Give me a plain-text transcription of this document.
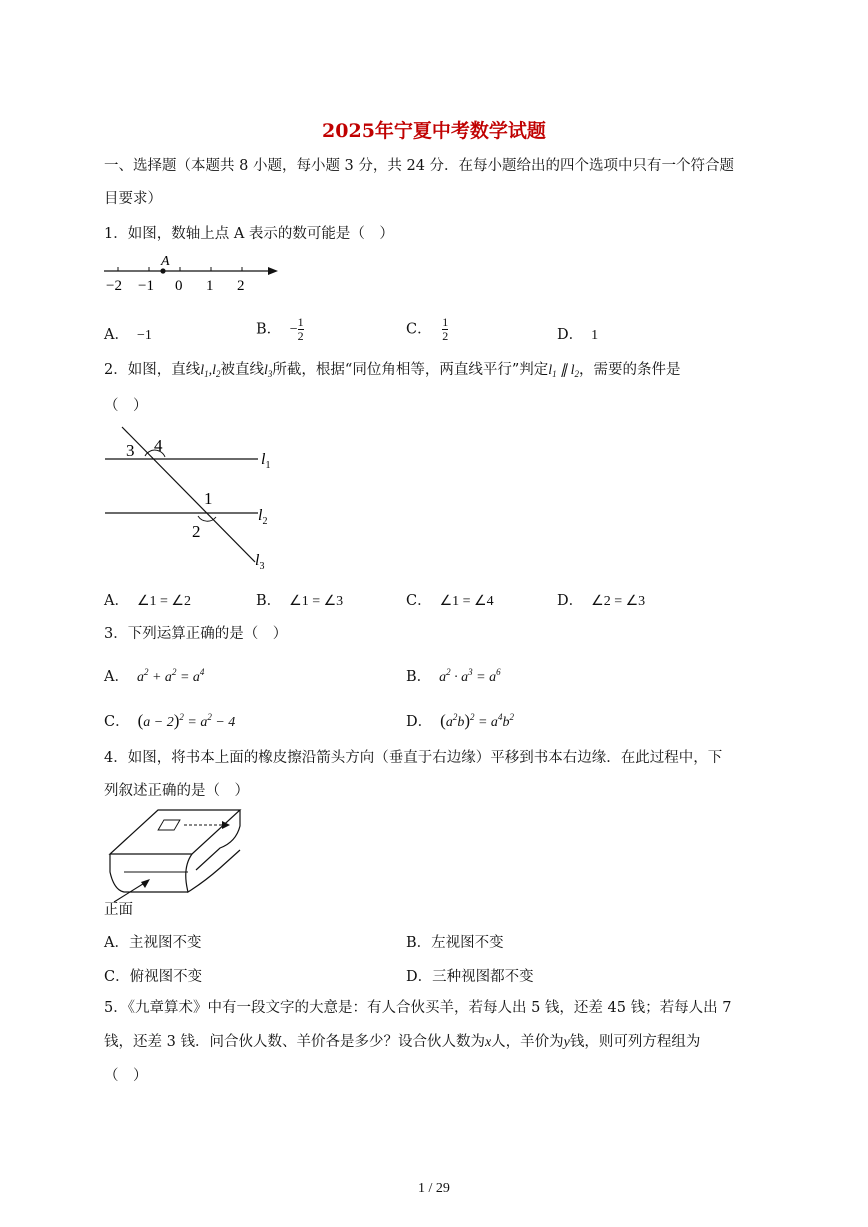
2025年宁夏中考数学试题
一、选择题（本题共 8 小题，每小题 3 分，共 24 分．在每小题给出的四个选项中只有一个符合题
目要求）
1．如图，数轴上点 A 表示的数可能是（　）
A
−2 −1 0 1 2
A． −1	B． − $\frac{1}{2}$	C． $\frac{1}{2}$	D． 1
2．如图，直线$l_1,l_2$被直线$l_3$所截，根据“同位角相等，两直线平行”判定$l_1$ ∥ $l_2$，需要的条件是
（　）
3 4
1
2
$l_1$
$l_2$
$l_3$
A． ∠1 = ∠2	B． ∠1 = ∠3	C． ∠1 = ∠4	D． ∠2 = ∠3
3．下列运算正确的是（　）
A． $a^2 + a^2 = a^4$	B． $a^2 \cdot a^3 = a^6$
C． $(a - 2)^2 = a^2 - 4$	D． $(a^2b)^2 = a^4b^2$
4．如图，将书本上面的橡皮擦沿箭头方向（垂直于右边缘）平移到书本右边缘．在此过程中，下
列叙述正确的是（　）
正面
A．主视图不变	B．左视图不变
C．俯视图不变	D．三种视图都不变
5．《九章算术》中有一段文字的大意是：有人合伙买羊，若每人出 5 钱，还差 45 钱；若每人出 7
钱，还差 3 钱．问合伙人数、羊价各是多少？设合伙人数为x人，羊价为y钱，则可列方程组为
（　）
1 / 29
